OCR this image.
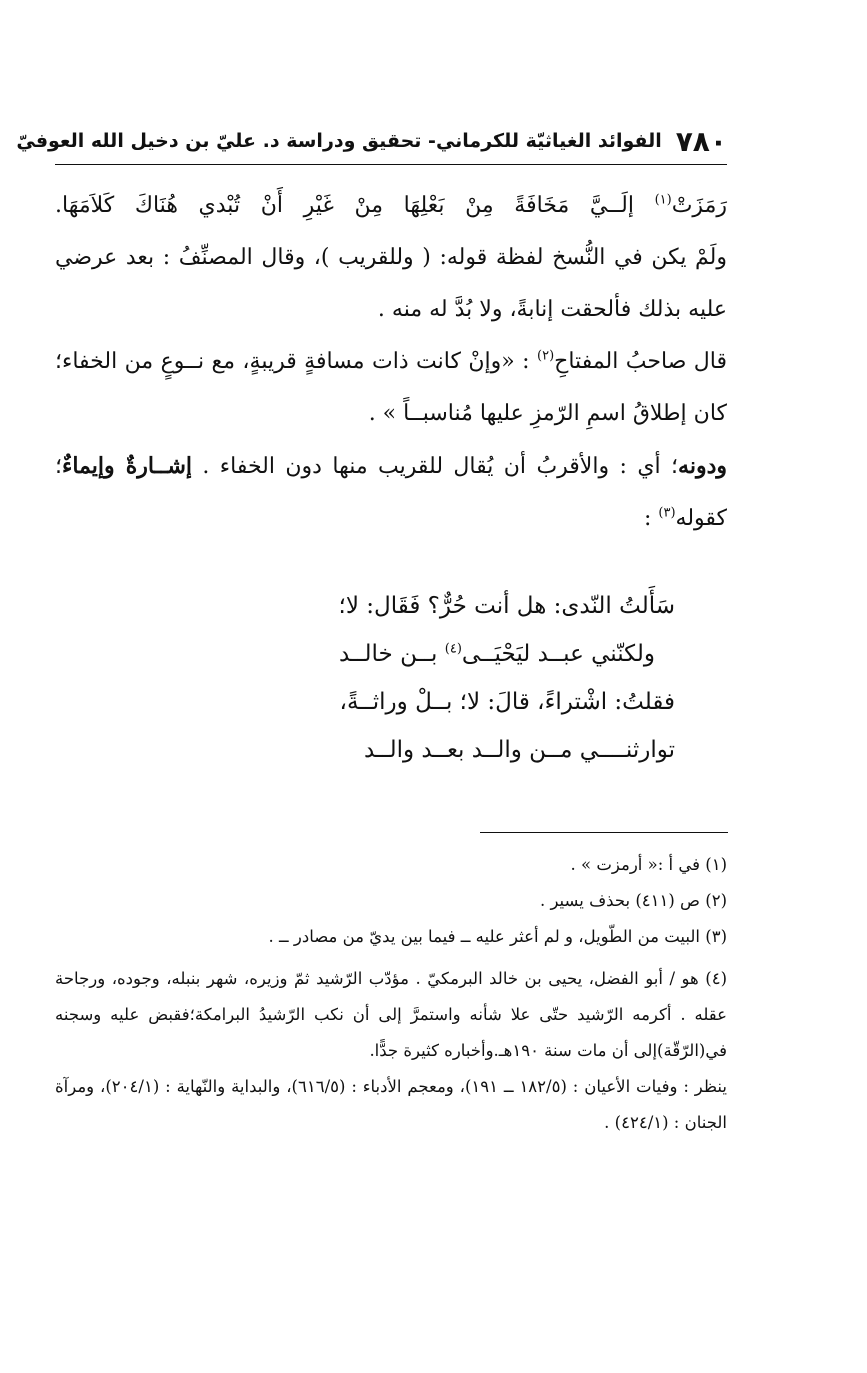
٧٨٠
الفوائد الغياثيّة للكرماني- تحقيق ودراسة د. عليّ بن دخيل الله العوفيّ

رَمَزَتْ$^{(١)}$ إلَــيَّ مَخَافَةً مِنْ بَعْلِهَا مِنْ غَيْرِ أَنْ تُبْدي هُنَاكَ كَلاَمَهَا.

ولَمْ يكن في النُّسخ لفظة قوله: ( وللقريب )، وقال المصنِّفُ : بعد عرضي عليه بذلك فألحقت إنابةً، ولا بُدَّ له منه .

قال صاحبُ المفتاحِ$^{(٢)}$ : «وإنْ كانت ذات مسافةٍ قريبةٍ، مع نــوعٍ من الخفاء؛ كان إطلاقُ اسمِ الرّمزِ عليها مُناسبــاً » .

ودونه؛ أي : والأقربُ أن يُقال للقريب منها دون الخفاء . إشــارةٌ وإيماءٌ؛ كقوله$^{(٣)}$ :

سَأَلتُ النّدى: هل أنت حُرٌّ؟ فَقَال: لا؛
ولكنّني عبــد ليَحْيَــى$^{(٤)}$ بــن خالــد
فقلتُ: اشْتراءً، قالَ: لا؛ بــلْ وراثــةً،
توارثنــــي مــن والــد بعــد والــد

(١) في أ :« أرمزت » .

(٢) ص (٤١١) بحذف يسير .

(٣) البيت من الطّويل، و لم أعثر عليه ــ فيما بين يديّ من مصادر ــ .

(٤) هو / أبو الفضل، يحيى بن خالد البرمكيّ . مؤدّب الرّشيد ثمّ وزيره، شهر بنبله، وجوده، ورجاحة عقله . أكرمه الرّشيد حتّى علا شأنه واستمرَّ إلى أن نكب الرّشيدُ البرامكة؛فقبض عليه وسجنه في(الرّقّة)إلى أن مات سنة ١٩٠هـ.وأخباره كثيرة جدًّا.

ينظر : وفيات الأعيان : (١٨٢/٥ ــ ١٩١)، ومعجم الأدباء : (٦١٦/٥)، والبداية والنّهاية : (٢٠٤/١)، ومرآة الجنان : (٤٢٤/١) .
